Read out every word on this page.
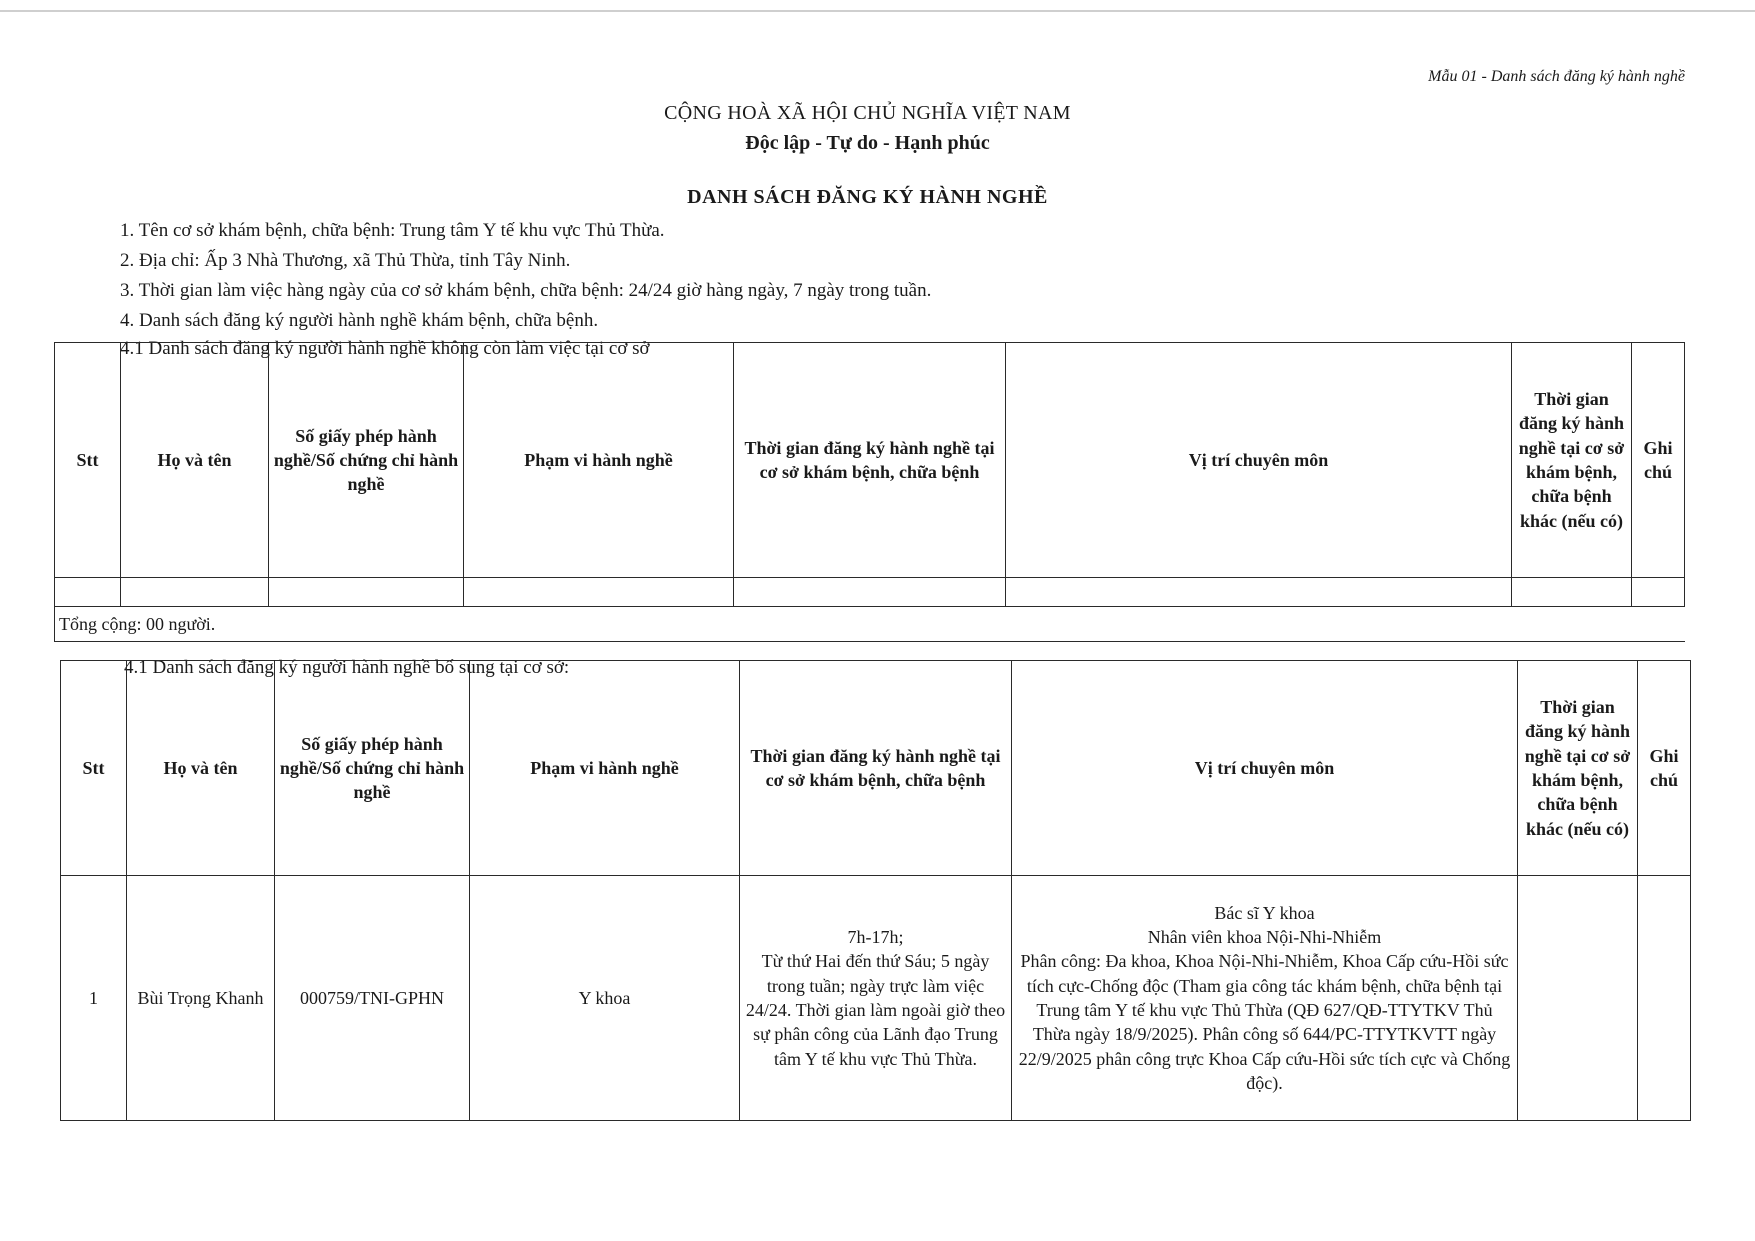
Mẫu 01 - Danh sách đăng ký hành nghề
CỘNG HOÀ XÃ HỘI CHỦ NGHĨA VIỆT NAM
Độc lập - Tự do - Hạnh phúc
DANH SÁCH ĐĂNG KÝ HÀNH NGHỀ
1. Tên cơ sở khám bệnh, chữa bệnh: Trung tâm Y tế khu vực Thủ Thừa.
2. Địa chỉ: Ấp 3 Nhà Thương, xã Thủ Thừa, tỉnh Tây Ninh.
3. Thời gian làm việc hàng ngày của cơ sở khám bệnh, chữa bệnh: 24/24 giờ hàng ngày, 7 ngày trong tuần.
4. Danh sách đăng ký người hành nghề khám bệnh, chữa bệnh.
4.1 Danh sách đăng ký người hành nghề không còn làm việc tại cơ sở
Stt	Họ và tên	Số giấy phép hành nghề/Số chứng chỉ hành nghề	Phạm vi hành nghề	Thời gian đăng ký hành nghề tại cơ sở khám bệnh, chữa bệnh	Vị trí chuyên môn	Thời gian đăng ký hành nghề tại cơ sở khám bệnh, chữa bệnh khác (nếu có)	Ghi chú

Tổng cộng: 00 người.							
4.1 Danh sách đăng ký người hành nghề bổ sung tại cơ sở:
Stt	Họ và tên	Số giấy phép hành nghề/Số chứng chỉ hành nghề	Phạm vi hành nghề	Thời gian đăng ký hành nghề tại cơ sở khám bệnh, chữa bệnh	Vị trí chuyên môn	Thời gian đăng ký hành nghề tại cơ sở khám bệnh, chữa bệnh khác (nếu có)	Ghi chú
1	Bùi Trọng Khanh	000759/TNI-GPHN	Y khoa	7h-17h;
Từ thứ Hai đến thứ Sáu; 5 ngày trong tuần; ngày trực làm việc 24/24. Thời gian làm ngoài giờ theo sự phân công của Lãnh đạo Trung tâm Y tế khu vực Thủ Thừa.	Bác sĩ Y khoa
Nhân viên khoa Nội-Nhi-Nhiễm
Phân công: Đa khoa, Khoa Nội-Nhi-Nhiễm, Khoa Cấp cứu-Hồi sức tích cực-Chống độc (Tham gia công tác khám bệnh, chữa bệnh tại Trung tâm Y tế khu vực Thủ Thừa (QĐ 627/QĐ-TTYTKV Thủ Thừa ngày 18/9/2025). Phân công số 644/PC-TTYTKVTT ngày 22/9/2025 phân công trực Khoa Cấp cứu-Hồi sức tích cực và Chống độc).		
